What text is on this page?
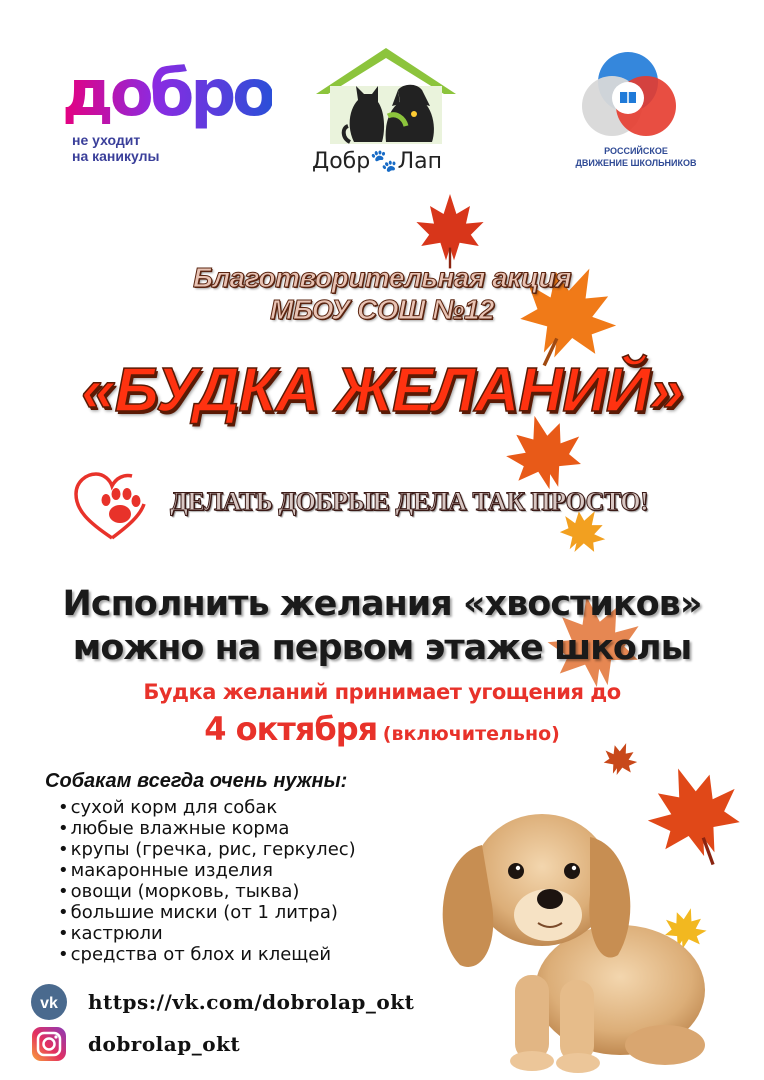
добро
не уходит
на каникулы	Добр🐾Лап	РОССИЙСКОЕ
ДВИЖЕНИЕ ШКОЛЬНИКОВ
Благотворительная акция
МБОУ СОШ №12
«БУДКА ЖЕЛАНИЙ»
ДЕЛАТЬ ДОБРЫЕ ДЕЛА ТАК ПРОСТО!
Исполнить желания «хвостиков»
можно на первом этаже школы
Будка желаний принимает угощения до
4 октября (включительно)
Собакам всегда очень нужны:
• сухой корм для собак
• любые влажные корма
• крупы (гречка, рис, геркулес)
• макаронные изделия
• овощи (морковь, тыква)
• большие миски (от 1 литра)
• кастрюли
• средства от блох и клещей
vk https://vk.com/dobrolap_okt
dobrolap_okt
